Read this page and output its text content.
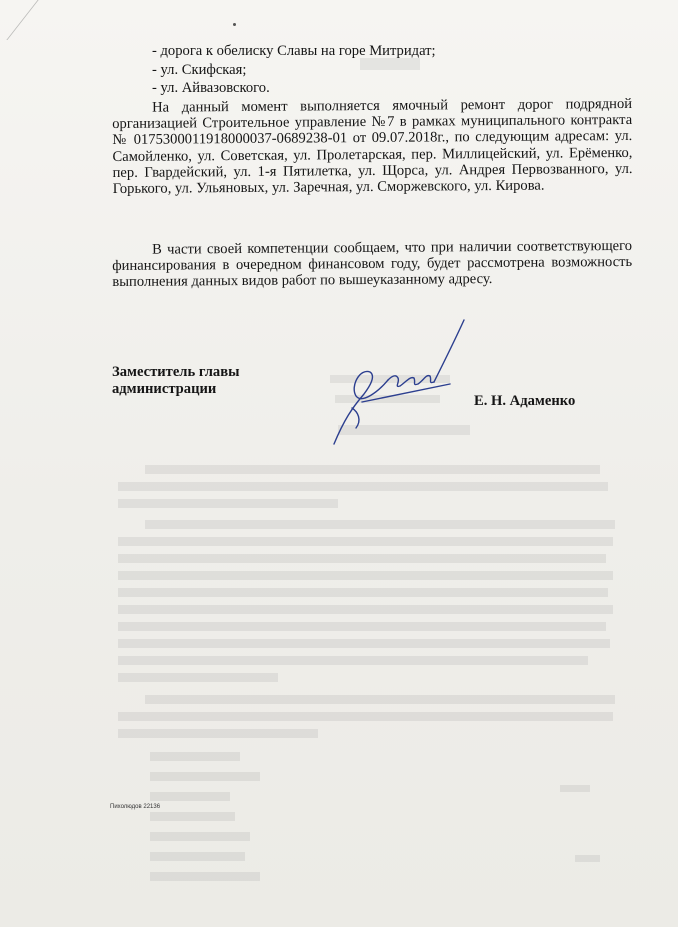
- дорога к обелиску Славы на горе Митридат;
- ул. Скифская;
- ул. Айвазовского.
На данный момент выполняется ямочный ремонт дорог подрядной организацией Строительное управление №7 в рамках муниципального контракта № 0175300011918000037-0689238-01 от 09.07.2018г., по следующим адресам: ул. Самойленко, ул. Советская, ул. Пролетарская, пер. Миллицейский, ул. Ерёменко, пер. Гвардейский, ул. 1-я Пятилетка, ул. Щорса, ул. Андрея Первозванного, ул. Горького, ул. Ульяновых, ул. Заречная, ул. Сморжевского, ул. Кирова.
В части своей компетенции сообщаем, что при наличии соответствующего финансирования в очередном финансовом году, будет рассмотрена возможность выполнения данных видов работ по вышеуказанному адресу.
Заместитель главы администрации
Е. Н. Адаменко
Пихолюдов 22136
